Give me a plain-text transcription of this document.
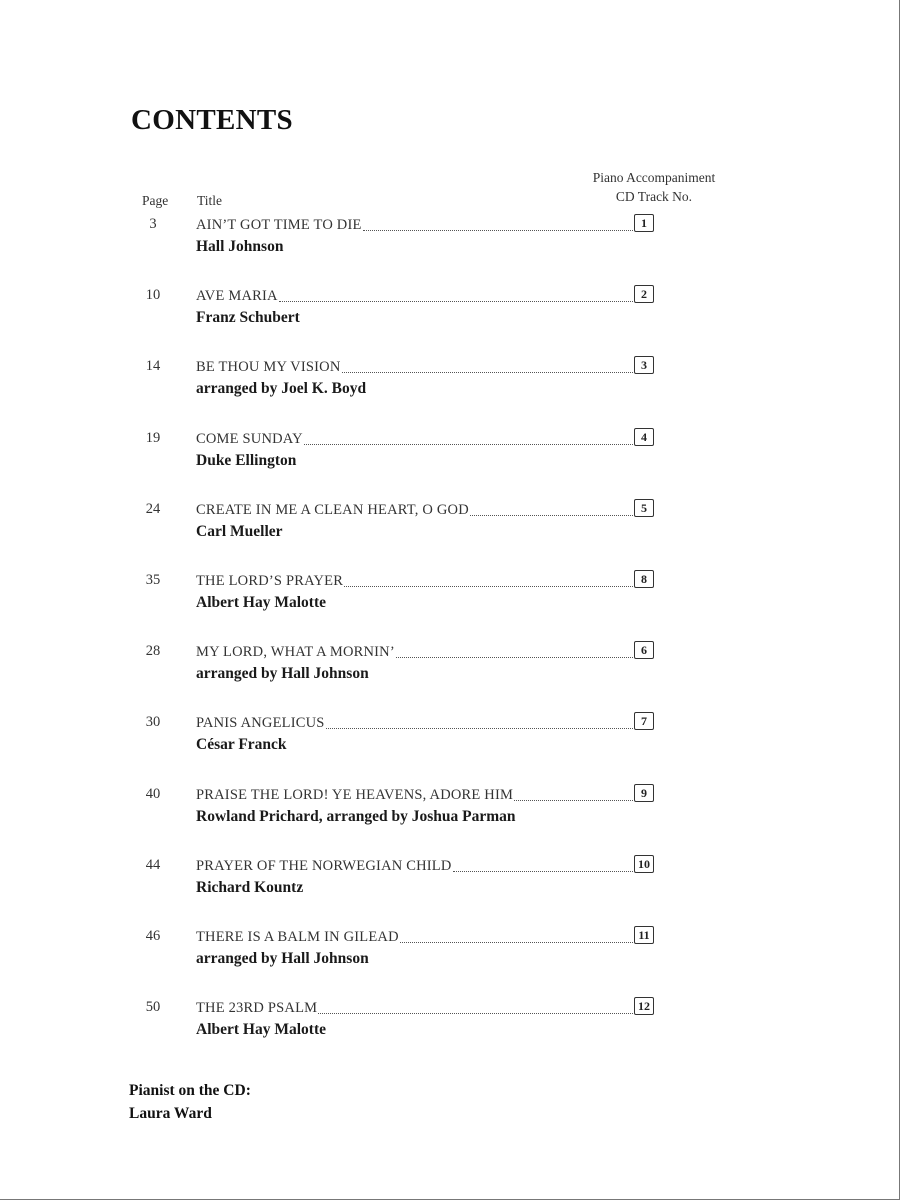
CONTENTS
Page Title
Piano Accompaniment
CD Track No.
3	AIN’T GOT TIME TO DIE	1
Hall Johnson
10	AVE MARIA	2
Franz Schubert
14	BE THOU MY VISION	3
arranged by Joel K. Boyd
19	COME SUNDAY	4
Duke Ellington
24	CREATE IN ME A CLEAN HEART, O GOD	5
Carl Mueller
35	THE LORD’S PRAYER	8
Albert Hay Malotte
28	MY LORD, WHAT A MORNIN’	6
arranged by Hall Johnson
30	PANIS ANGELICUS	7
César Franck
40	PRAISE THE LORD! YE HEAVENS, ADORE HIM	9
Rowland Prichard, arranged by Joshua Parman
44	PRAYER OF THE NORWEGIAN CHILD	10
Richard Kountz
46	THERE IS A BALM IN GILEAD	11
arranged by Hall Johnson
50	THE 23RD PSALM	12
Albert Hay Malotte
Pianist on the CD:
Laura Ward
